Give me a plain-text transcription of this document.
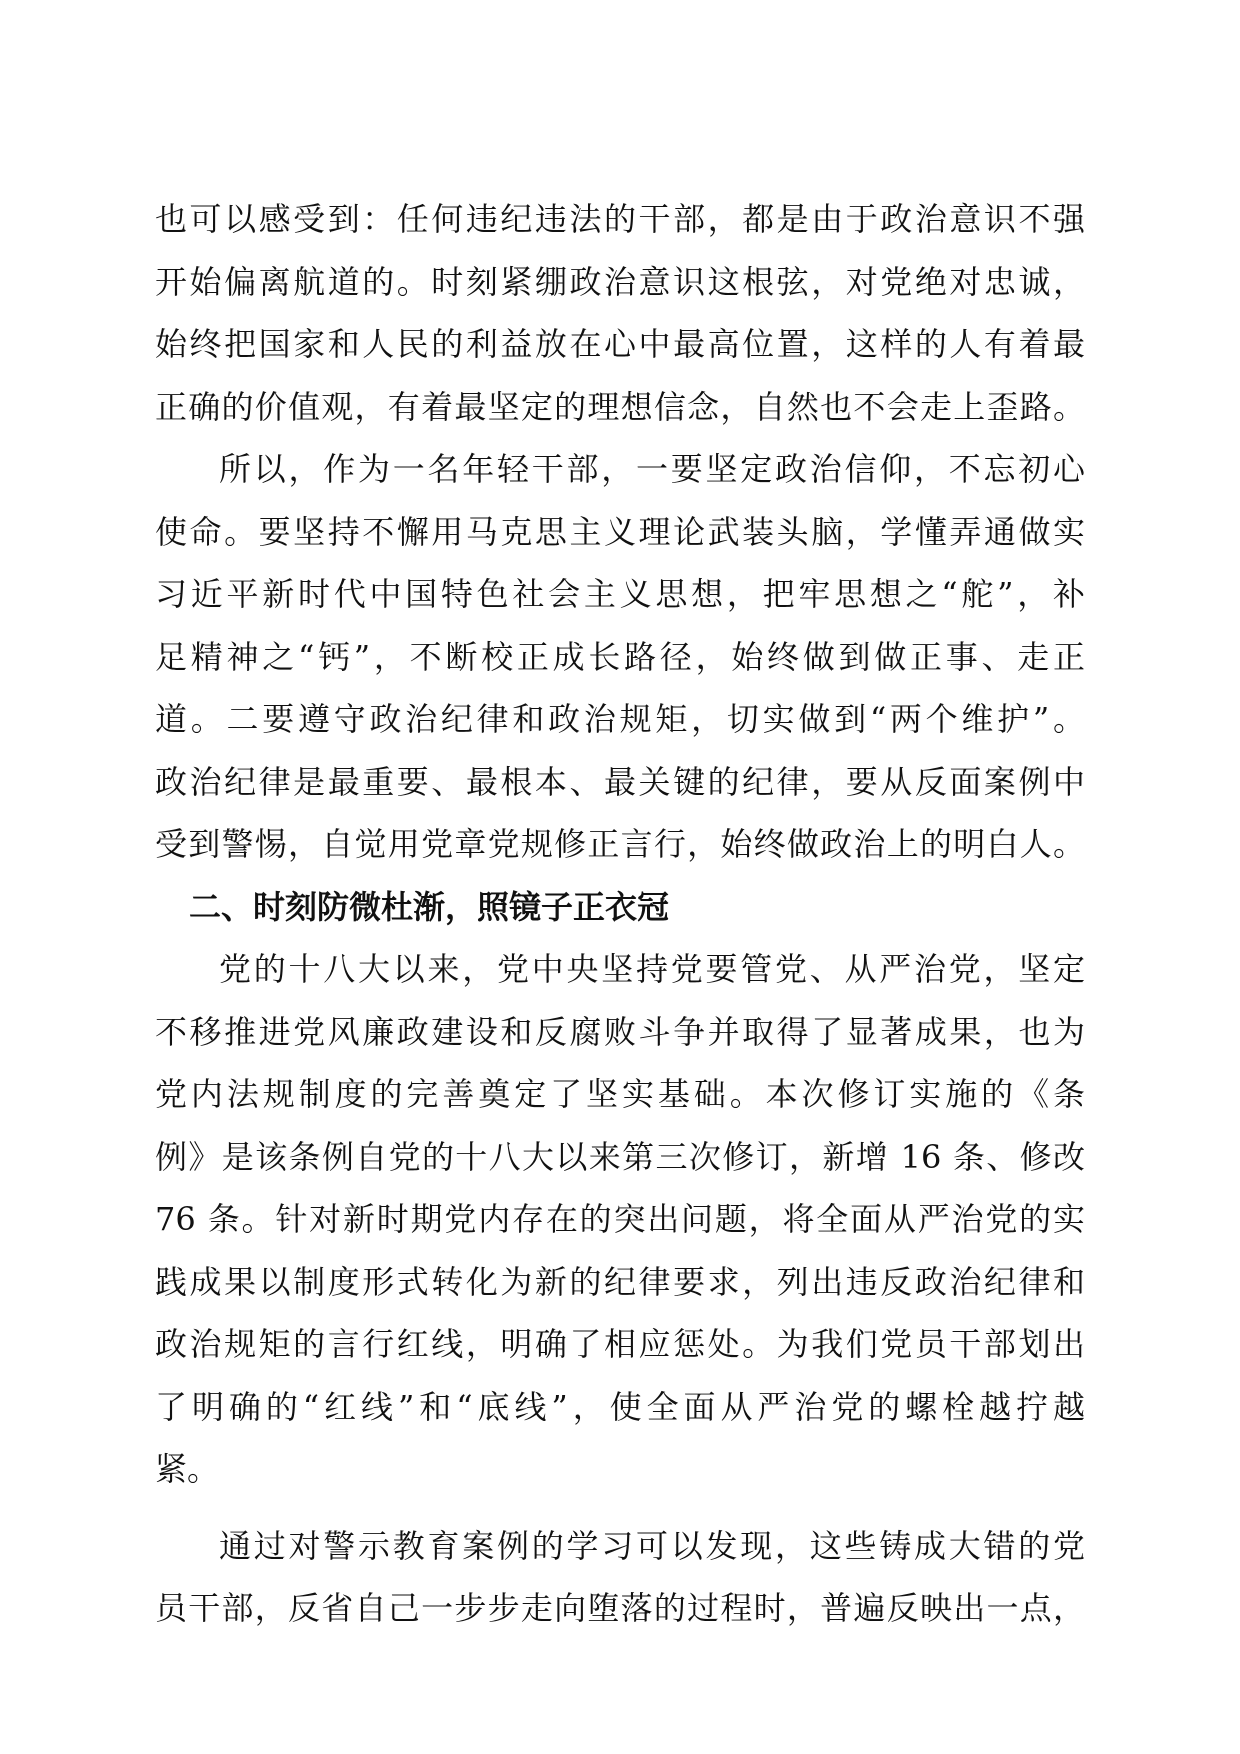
也可以感受到：任何违纪违法的干部，都是由于政治意识不强
开始偏离航道的。时刻紧绷政治意识这根弦，对党绝对忠诚，
始终把国家和人民的利益放在心中最高位置，这样的人有着最
正确的价值观，有着最坚定的理想信念，自然也不会走上歪路。
所以，作为一名年轻干部，一要坚定政治信仰，不忘初心
使命。要坚持不懈用马克思主义理论武装头脑，学懂弄通做实
习近平新时代中国特色社会主义思想，把牢思想之“舵”，补
足精神之“钙”，不断校正成长路径，始终做到做正事、走正
道。二要遵守政治纪律和政治规矩，切实做到“两个维护”。
政治纪律是最重要、最根本、最关键的纪律，要从反面案例中
受到警惕，自觉用党章党规修正言行，始终做政治上的明白人。
二、时刻防微杜渐，照镜子正衣冠
党的十八大以来，党中央坚持党要管党、从严治党，坚定
不移推进党风廉政建设和反腐败斗争并取得了显著成果，也为
党内法规制度的完善奠定了坚实基础。本次修订实施的《条
例》是该条例自党的十八大以来第三次修订，新增 16 条、修改
76 条。针对新时期党内存在的突出问题，将全面从严治党的实
践成果以制度形式转化为新的纪律要求，列出违反政治纪律和
政治规矩的言行红线，明确了相应惩处。为我们党员干部划出
了明确的“红线”和“底线”，使全面从严治党的螺栓越拧越
紧。
通过对警示教育案例的学习可以发现，这些铸成大错的党
员干部，反省自己一步步走向堕落的过程时，普遍反映出一点，
